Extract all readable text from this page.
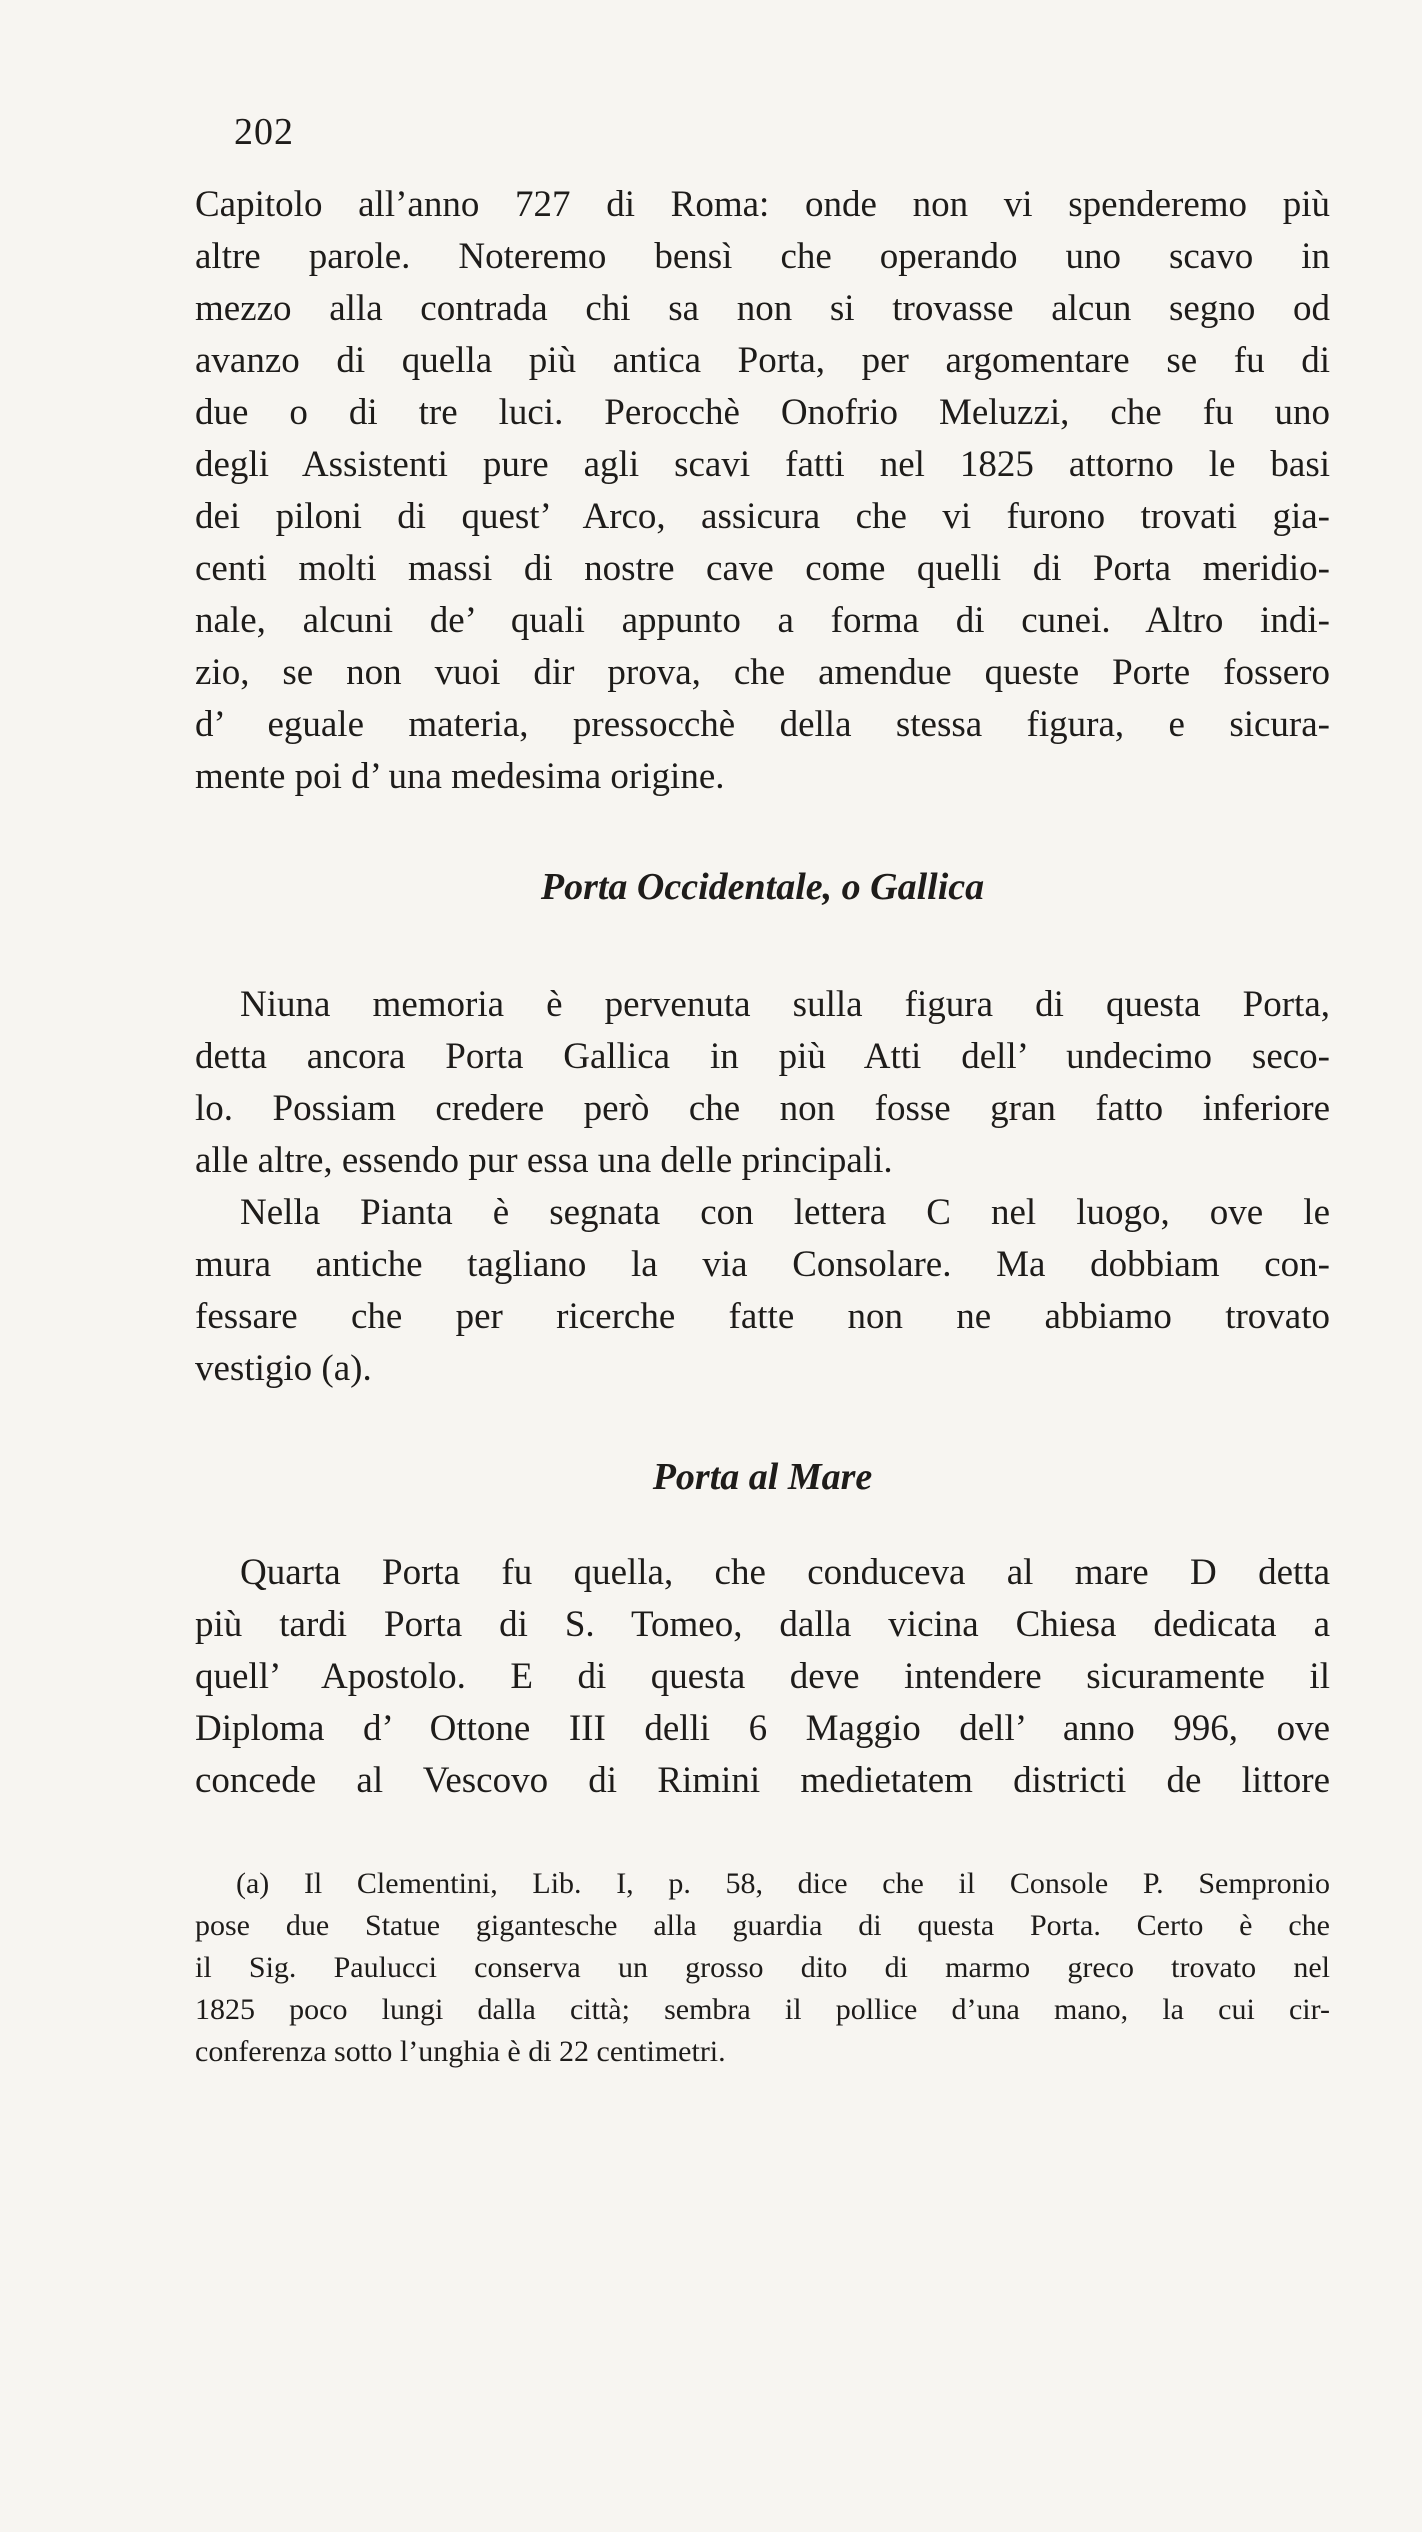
202
Capitolo all’anno 727 di Roma: onde non vi spenderemo più
altre parole. Noteremo bensì che operando uno scavo in
mezzo alla contrada chi sa non si trovasse alcun segno od
avanzo di quella più antica Porta, per argomentare se fu di
due o di tre luci. Perocchè Onofrio Meluzzi, che fu uno
degli Assistenti pure agli scavi fatti nel 1825 attorno le basi
dei piloni di quest’ Arco, assicura che vi furono trovati gia-
centi molti massi di nostre cave come quelli di Porta meridio-
nale, alcuni de’ quali appunto a forma di cunei. Altro indi-
zio, se non vuoi dir prova, che amendue queste Porte fossero
d’ eguale materia, pressocchè della stessa figura, e sicura-
mente poi d’ una medesima origine.
Porta Occidentale, o Gallica
Niuna memoria è pervenuta sulla figura di questa Porta,
detta ancora Porta Gallica in più Atti dell’ undecimo seco-
lo. Possiam credere però che non fosse gran fatto inferiore
alle altre, essendo pur essa una delle principali.
Nella Pianta è segnata con lettera C nel luogo, ove le
mura antiche tagliano la via Consolare. Ma dobbiam con-
fessare che per ricerche fatte non ne abbiamo trovato
vestigio (a).
Porta al Mare
Quarta Porta fu quella, che conduceva al mare D detta
più tardi Porta di S. Tomeo, dalla vicina Chiesa dedicata a
quell’ Apostolo. E di questa deve intendere sicuramente il
Diploma d’ Ottone III delli 6 Maggio dell’ anno 996, ove
concede al Vescovo di Rimini medietatem districti de littore
(a) Il Clementini, Lib. I, p. 58, dice che il Console P. Sempronio
pose due Statue gigantesche alla guardia di questa Porta. Certo è che
il Sig. Paulucci conserva un grosso dito di marmo greco trovato nel
1825 poco lungi dalla città; sembra il pollice d’una mano, la cui cir-
conferenza sotto l’unghia è di 22 centimetri.
